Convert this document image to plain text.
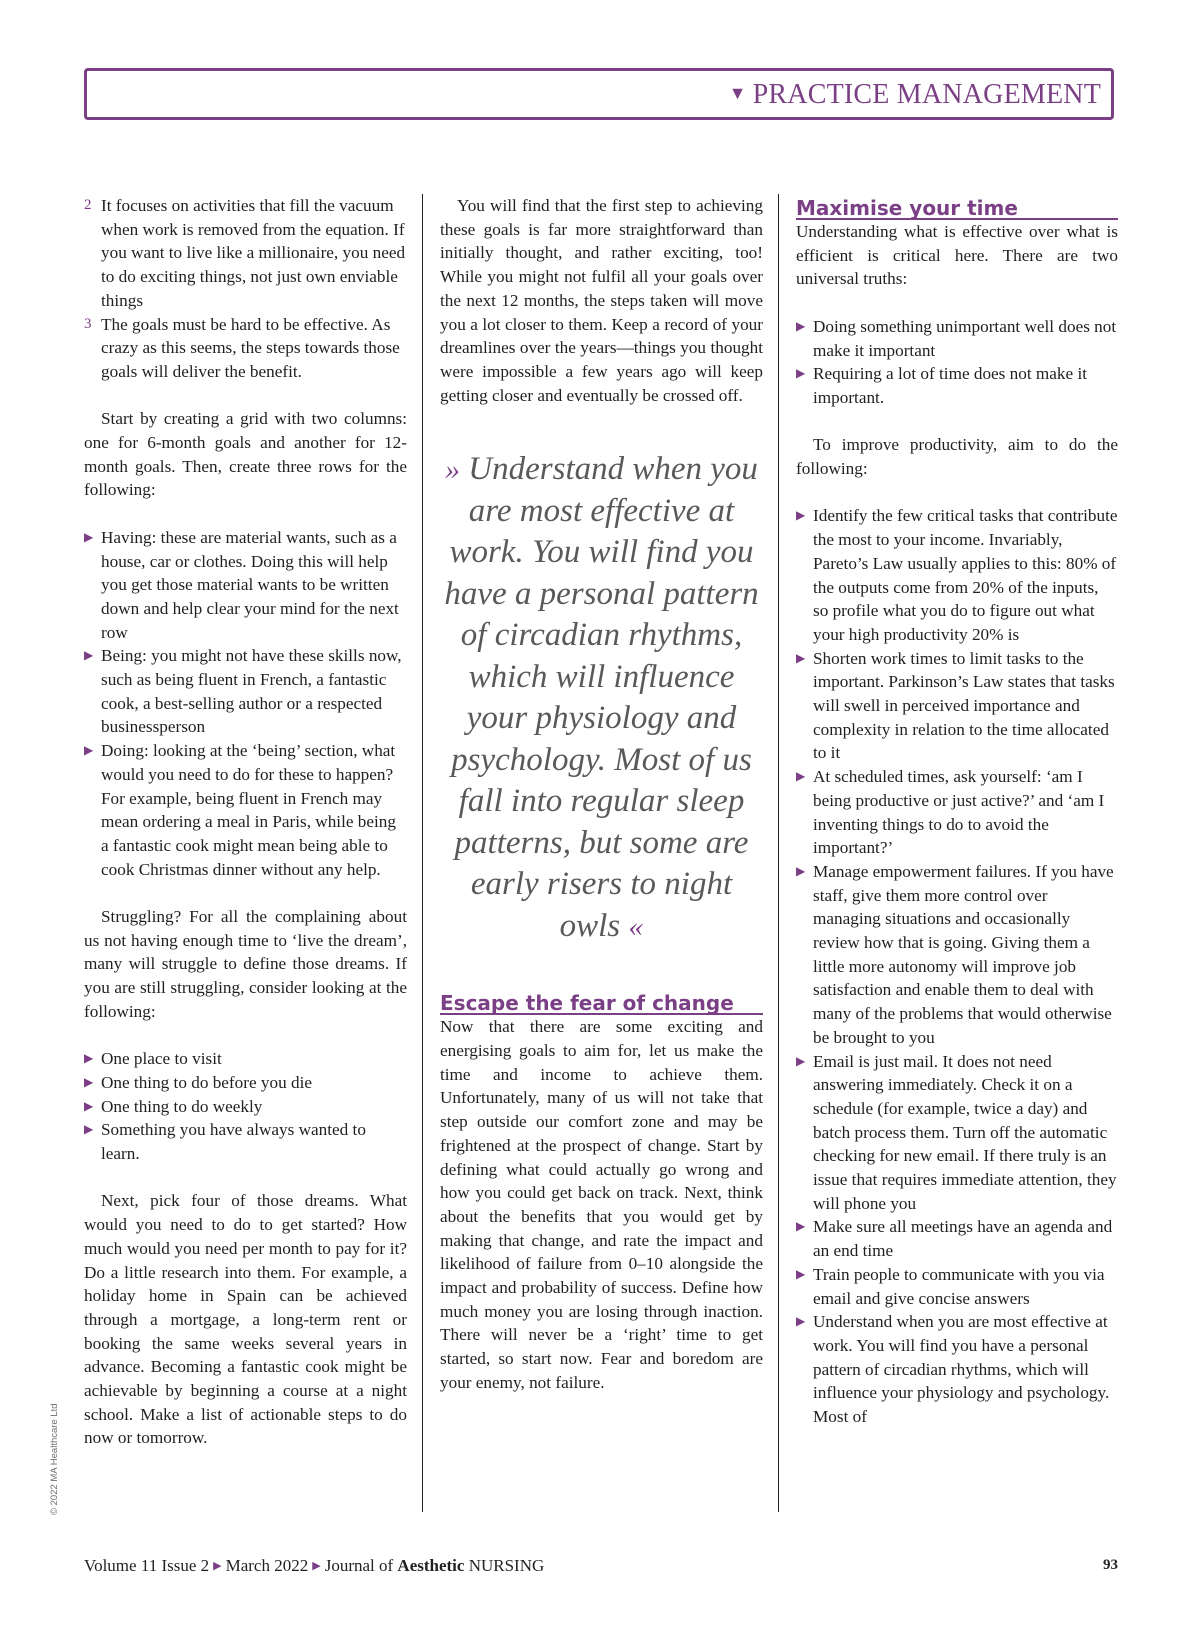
▼ PRACTICE MANAGEMENT
2 It focuses on activities that fill the vacuum when work is removed from the equation. If you want to live like a millionaire, you need to do exciting things, not just own enviable things
3 The goals must be hard to be effective. As crazy as this seems, the steps towards those goals will deliver the benefit.

Start by creating a grid with two columns: one for 6-month goals and another for 12-month goals. Then, create three rows for the following:

▶ Having: these are material wants, such as a house, car or clothes. Doing this will help you get those material wants to be written down and help clear your mind for the next row
▶ Being: you might not have these skills now, such as being fluent in French, a fantastic cook, a best-selling author or a respected businessperson
▶ Doing: looking at the ‘being’ section, what would you need to do for these to happen? For example, being fluent in French may mean ordering a meal in Paris, while being a fantastic cook might mean being able to cook Christmas dinner without any help.

Struggling? For all the complaining about us not having enough time to ‘live the dream’, many will struggle to define those dreams. If you are still struggling, consider looking at the following:

▶ One place to visit
▶ One thing to do before you die
▶ One thing to do weekly
▶ Something you have always wanted to learn.

Next, pick four of those dreams. What would you need to do to get started? How much would you need per month to pay for it? Do a little research into them. For example, a holiday home in Spain can be achieved through a mortgage, a long-term rent or booking the same weeks several years in advance. Becoming a fantastic cook might be achievable by beginning a course at a night school. Make a list of actionable steps to do now or tomorrow.

You will find that the first step to achieving these goals is far more straightforward than initially thought, and rather exciting, too! While you might not fulfil all your goals over the next 12 months, the steps taken will move you a lot closer to them. Keep a record of your dreamlines over the years—things you thought were impossible a few years ago will keep getting closer and eventually be crossed off.

» Understand when you are most effective at work. You will find you have a personal pattern of circadian rhythms, which will influence your physiology and psychology. Most of us fall into regular sleep patterns, but some are early risers to night owls «
Escape the fear of change

Now that there are some exciting and energising goals to aim for, let us make the time and income to achieve them. Unfortunately, many of us will not take that step outside our comfort zone and may be frightened at the prospect of change. Start by defining what could actually go wrong and how you could get back on track. Next, think about the benefits that you would get by making that change, and rate the impact and likelihood of failure from 0–10 alongside the impact and probability of success. Define how much money you are losing through inaction. There will never be a ‘right’ time to get started, so start now. Fear and boredom are your enemy, not failure.

Maximise your time

Understanding what is effective over what is efficient is critical here. There are two universal truths:

▶ Doing something unimportant well does not make it important
▶ Requiring a lot of time does not make it important.

To improve productivity, aim to do the following:

▶ Identify the few critical tasks that contribute the most to your income. Invariably, Pareto’s Law usually applies to this: 80% of the outputs come from 20% of the inputs, so profile what you do to figure out what your high productivity 20% is
▶ Shorten work times to limit tasks to the important. Parkinson’s Law states that tasks will swell in perceived importance and complexity in relation to the time allocated to it
▶ At scheduled times, ask yourself: ‘am I being productive or just active?’ and ‘am I inventing things to do to avoid the important?’
▶ Manage empowerment failures. If you have staff, give them more control over managing situations and occasionally review how that is going. Giving them a little more autonomy will improve job satisfaction and enable them to deal with many of the problems that would otherwise be brought to you
▶ Email is just mail. It does not need answering immediately. Check it on a schedule (for example, twice a day) and batch process them. Turn off the automatic checking for new email. If there truly is an issue that requires immediate attention, they will phone you
▶ Make sure all meetings have an agenda and an end time
▶ Train people to communicate with you via email and give concise answers
▶ Understand when you are most effective at work. You will find you have a personal pattern of circadian rhythms, which will influence your physiology and psychology. Most of
© 2022 MA Healthcare Ltd
Volume 11 Issue 2 ▶ March 2022 ▶ Journal of Aesthetic NURSING	93
